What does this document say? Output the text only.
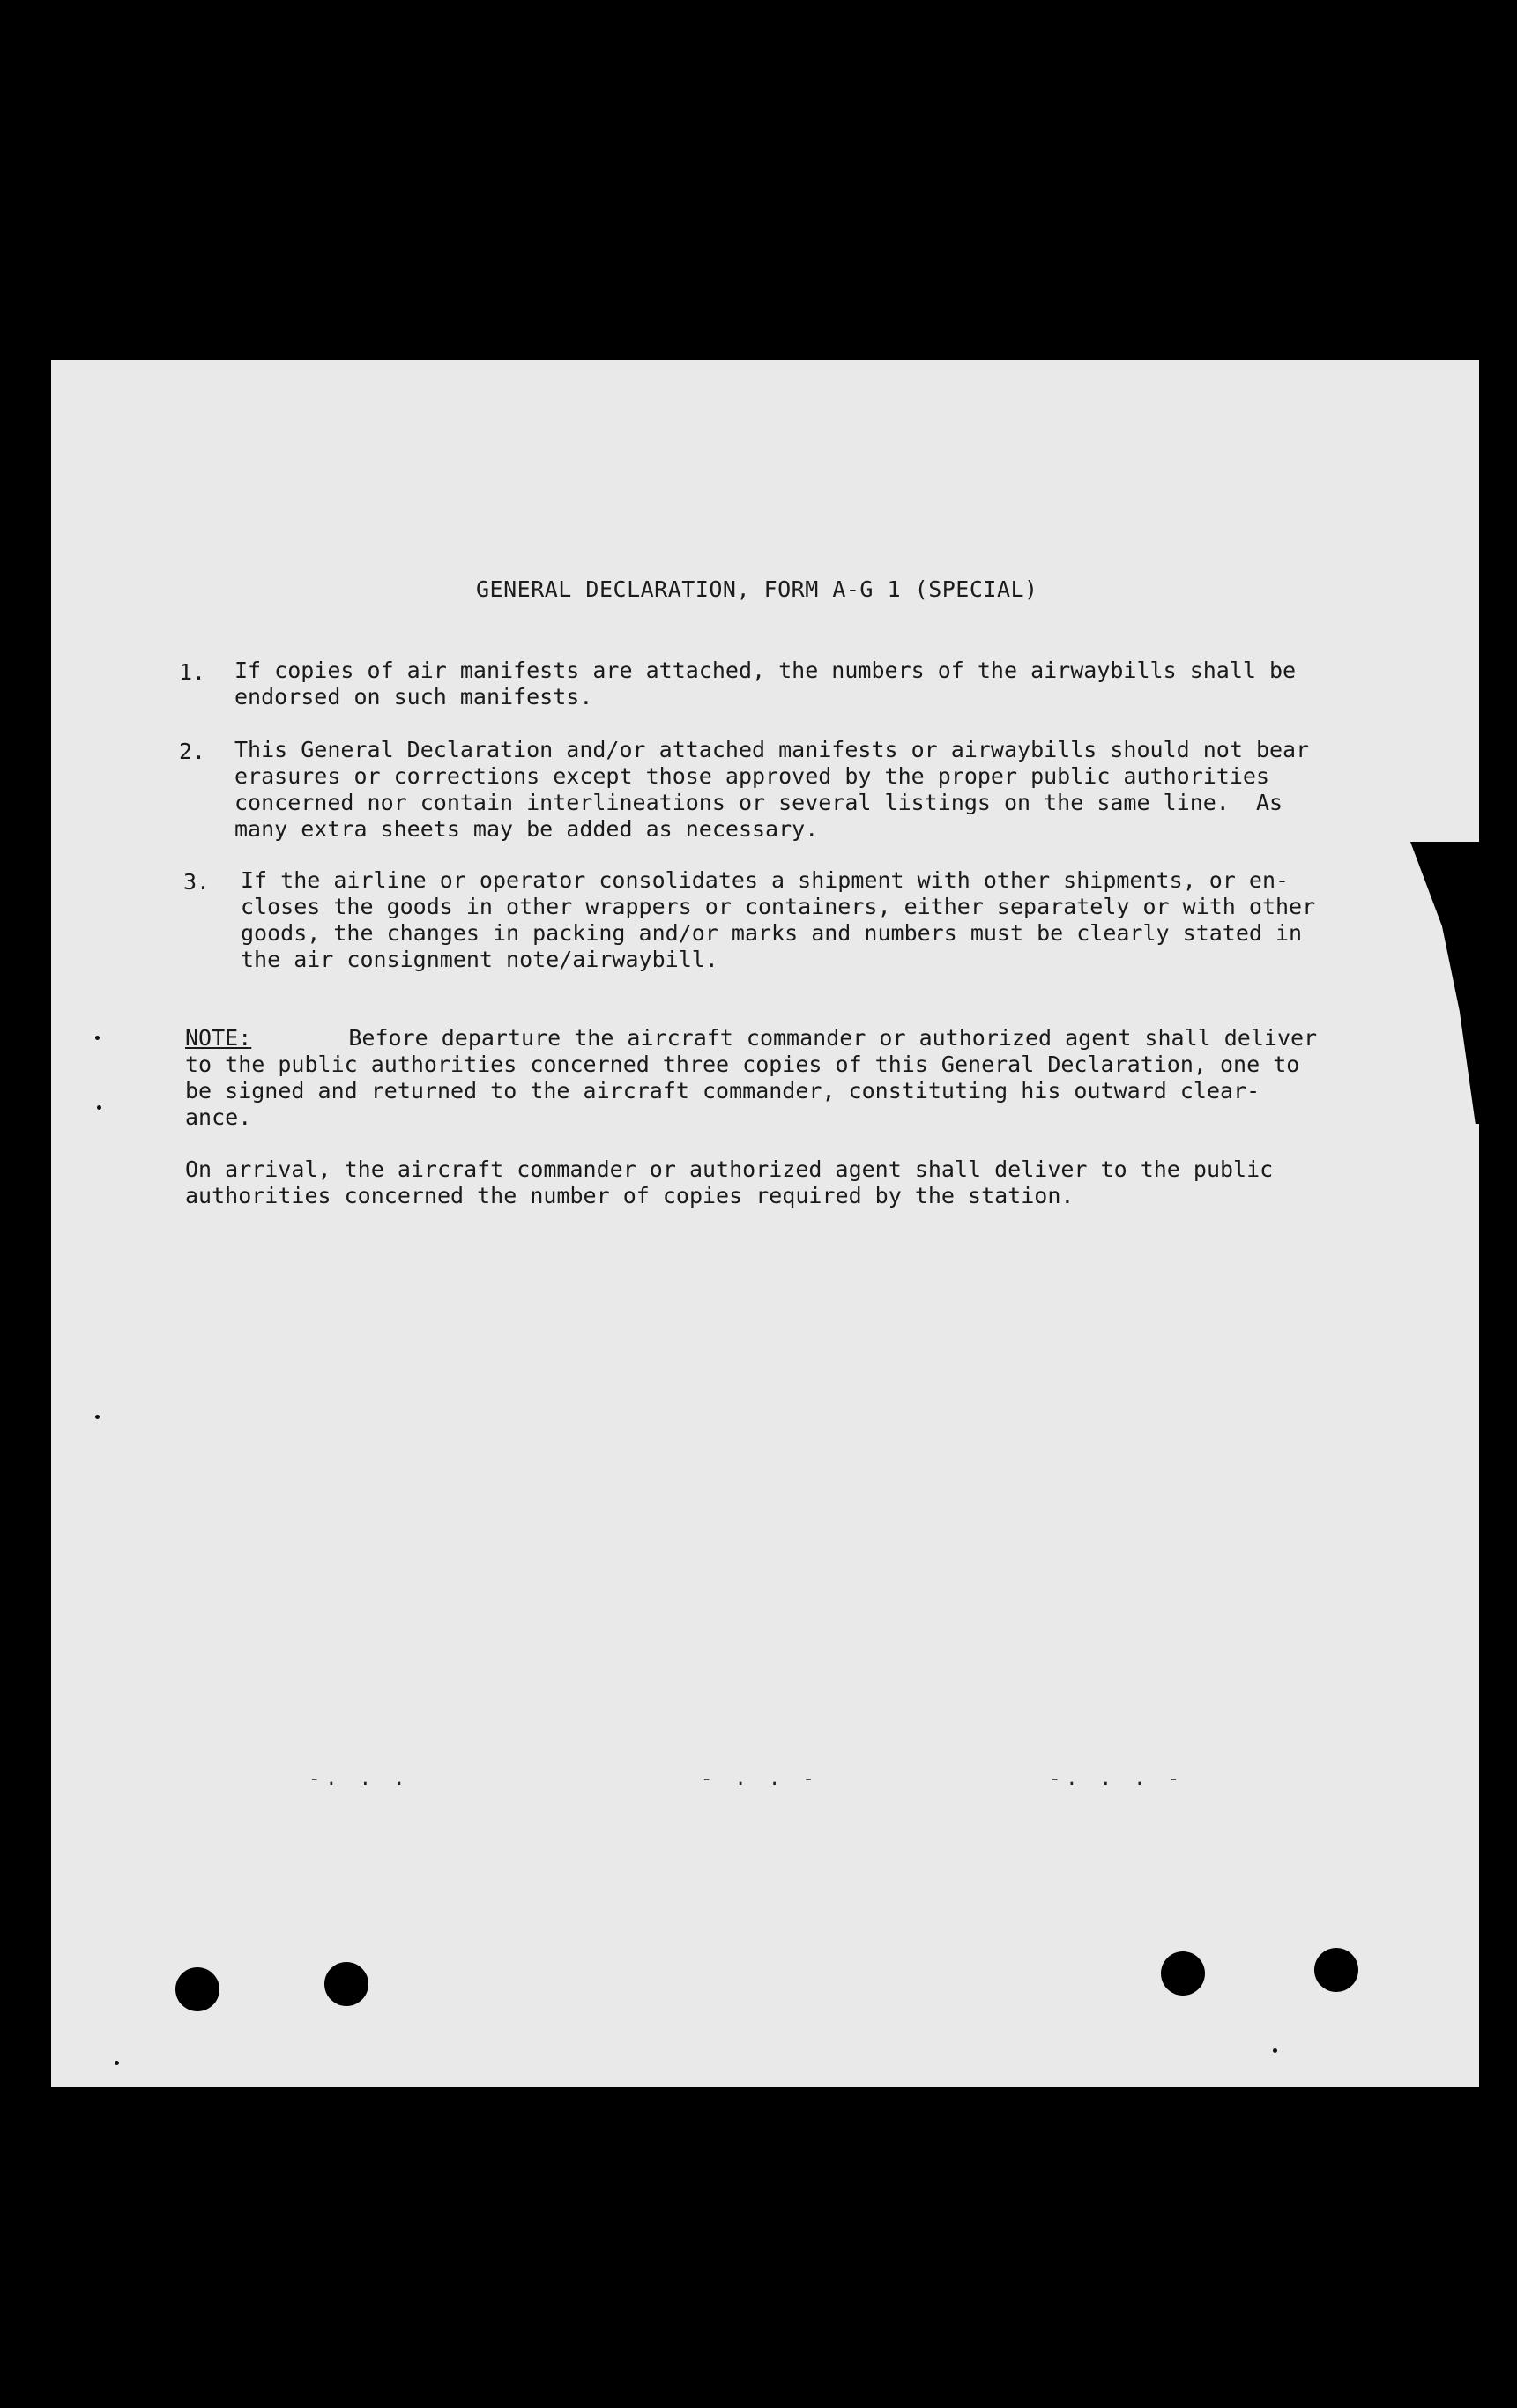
GENERAL DECLARATION, FORM A-G 1 (SPECIAL)
1. If copies of air manifests are attached, the numbers of the airwaybills shall be
endorsed on such manifests.
2. This General Declaration and/or attached manifests or airwaybills should not bear
erasures or corrections except those approved by the proper public authorities
concerned nor contain interlineations or several listings on the same line.  As
many extra sheets may be added as necessary.
3. If the airline or operator consolidates a shipment with other shipments, or en-
closes the goods in other wrappers or containers, either separately or with other
goods, the changes in packing and/or marks and numbers must be clearly stated in
the air consignment note/airwaybill.
NOTE: Before departure the aircraft commander or authorized agent shall deliver
to the public authorities concerned three copies of this General Declaration, one to
be signed and returned to the aircraft commander, constituting his outward clear-
ance.
On arrival, the aircraft commander or authorized agent shall deliver to the public
authorities concerned the number of copies required by the station.
-. . .	- . . -	-. . . -
